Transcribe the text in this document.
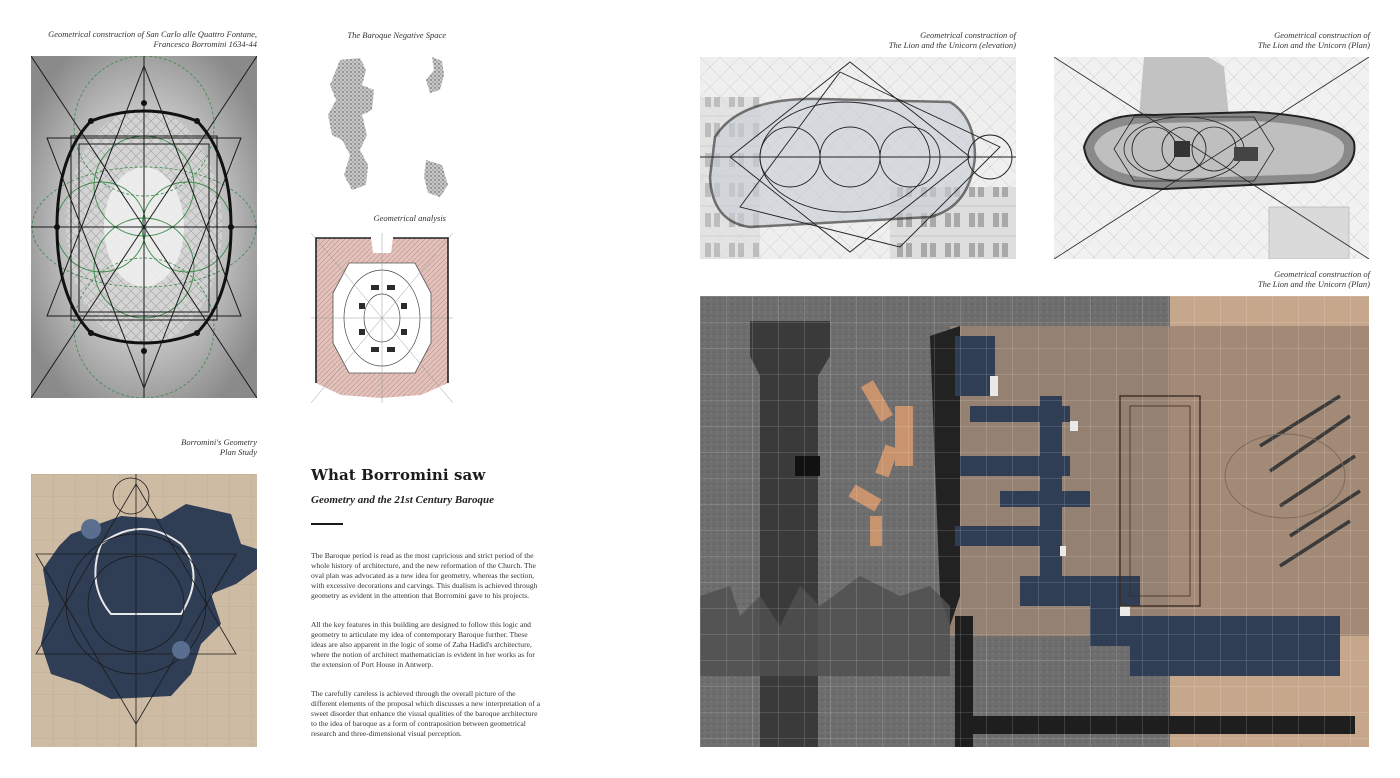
Geometrical construction of San Carlo alle Quattro Fontane,
Francesco Borromini 1634-44
The Baroque Negative Space
Geometrical analysis
Borromini's Geometry
Plan Study
What Borromini saw
Geometry and the 21st Century Baroque

The Baroque period is read as the most capricious and strict period of the whole history of architecture, and the new reformation of the Church. The oval plan was advocated as a new idea for geometry, whereas the section, with excessive decorations and carvings. This dualism is achieved through geometry as evident in the attention that Borromini gave to his projects.

All the key features in this building are designed to follow this logic and geometry to articulate my idea of contemporary Baroque further. These ideas are also apparent in the logic of some of Zaha Hadid's architecture, where the notion of architect mathematician is evident in her works as for the extension of Port House in Antwerp.

The carefully careless is achieved through the overall picture of the different elements of the proposal which discusses a new interpretation of a sweet disorder that enhance the visual qualities of the baroque architecture to the idea of baroque as a form of contraposition between geometrical research and three-dimensional visual perception.

Geometrical construction of
The Lion and the Unicorn (elevation)
Geometrical construction of
The Lion and the Unicorn (Plan)
Geometrical construction of
The Lion and the Unicorn (Plan)
